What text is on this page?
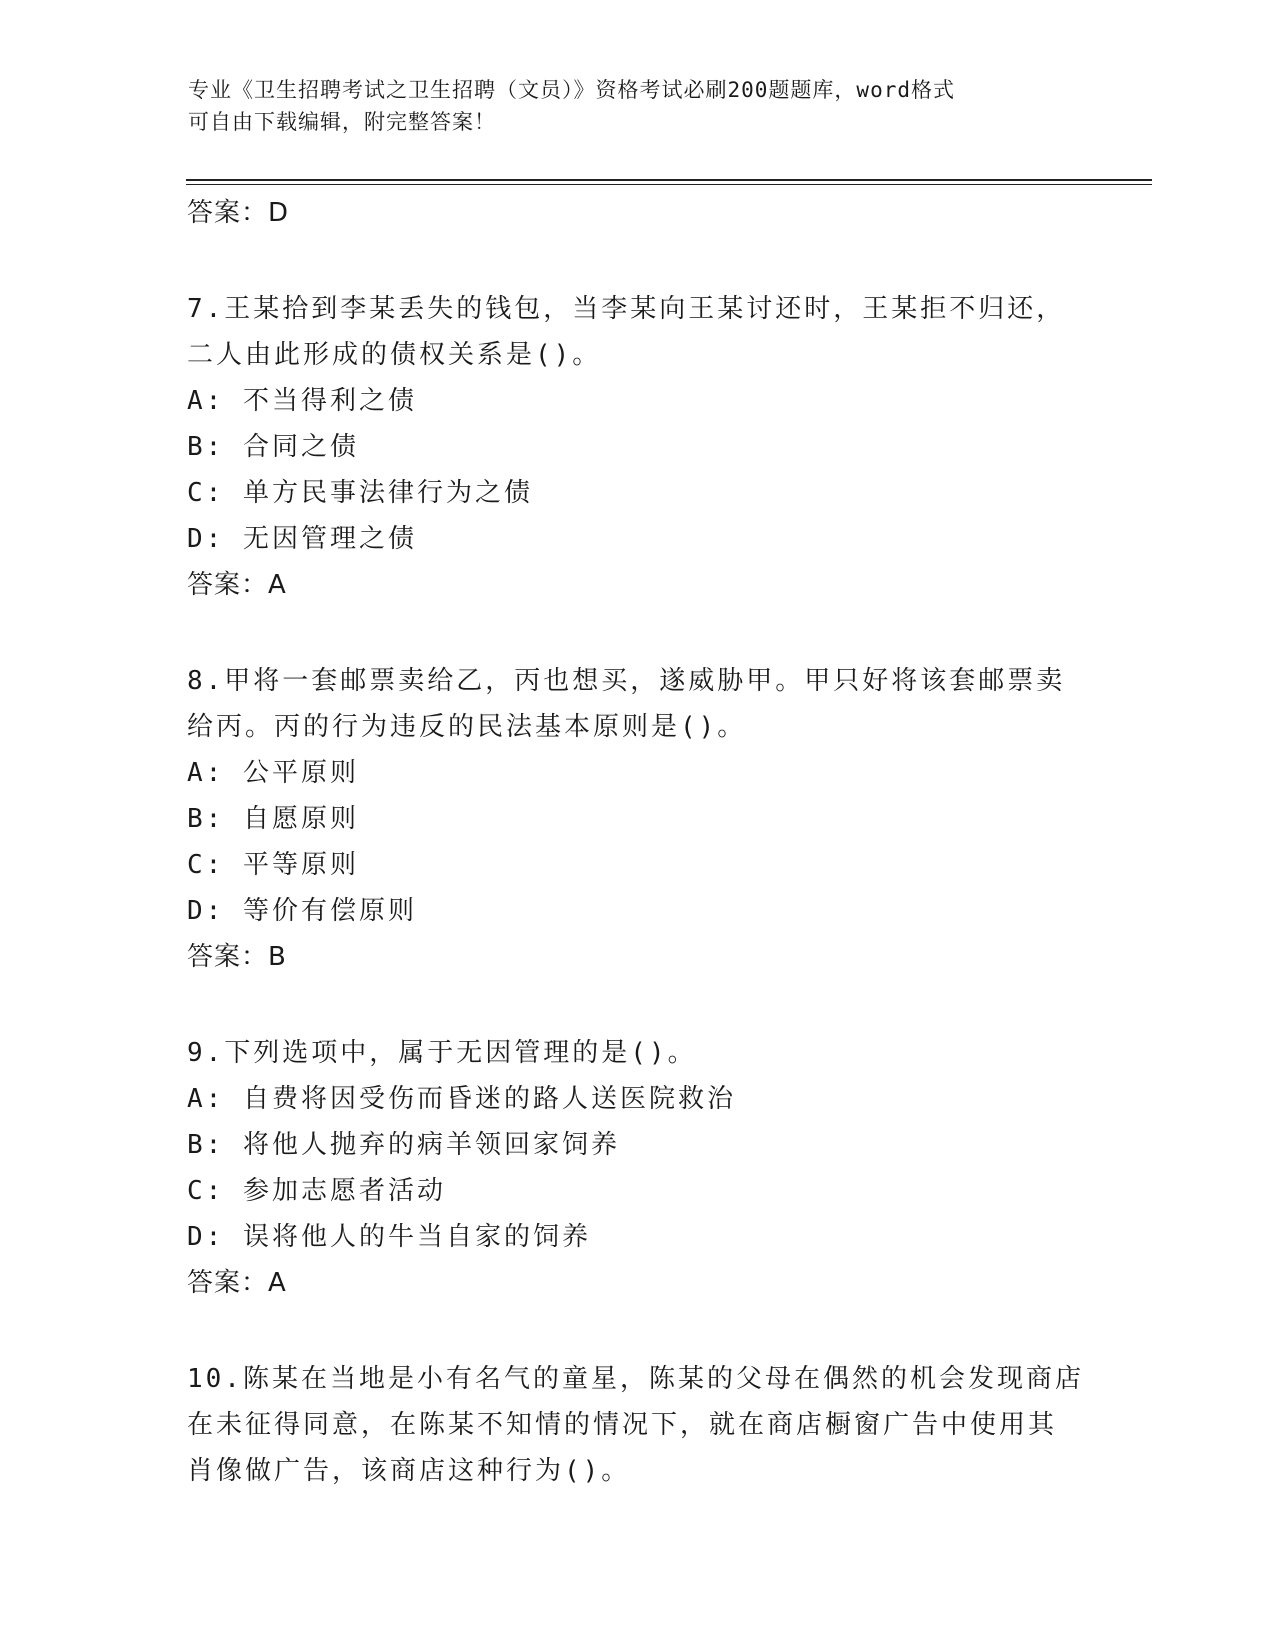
专业《卫生招聘考试之卫生招聘（文员）》资格考试必刷200题题库，word格式
可自由下载编辑，附完整答案！

答案：D

7.王某拾到李某丢失的钱包，当李某向王某讨还时，王某拒不归还，

二人由此形成的债权关系是()。

A: 不当得利之债

B: 合同之债

C: 单方民事法律行为之债

D: 无因管理之债

答案：A

8.甲将一套邮票卖给乙，丙也想买，遂威胁甲。甲只好将该套邮票卖

给丙。丙的行为违反的民法基本原则是()。

A: 公平原则

B: 自愿原则

C: 平等原则

D: 等价有偿原则

答案：B

9.下列选项中，属于无因管理的是()。

A: 自费将因受伤而昏迷的路人送医院救治

B: 将他人抛弃的病羊领回家饲养

C: 参加志愿者活动

D: 误将他人的牛当自家的饲养

答案：A

10.陈某在当地是小有名气的童星，陈某的父母在偶然的机会发现商店

在未征得同意，在陈某不知情的情况下，就在商店橱窗广告中使用其

肖像做广告，该商店这种行为()。
